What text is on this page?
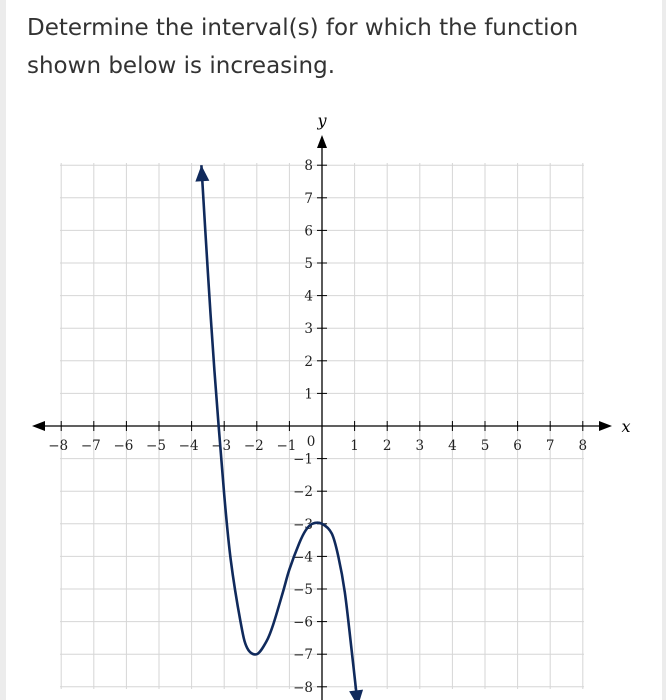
Determine the interval(s) for which the function
shown below is increasing.
x
y
−8 −7 −6 −5 −4 −3 −2 −1	1 2 3 4 5 6 7 8
−8
−7
−6
−5
−4
−3
−2
−1
1
2
3
4
5
6
7
8
0
